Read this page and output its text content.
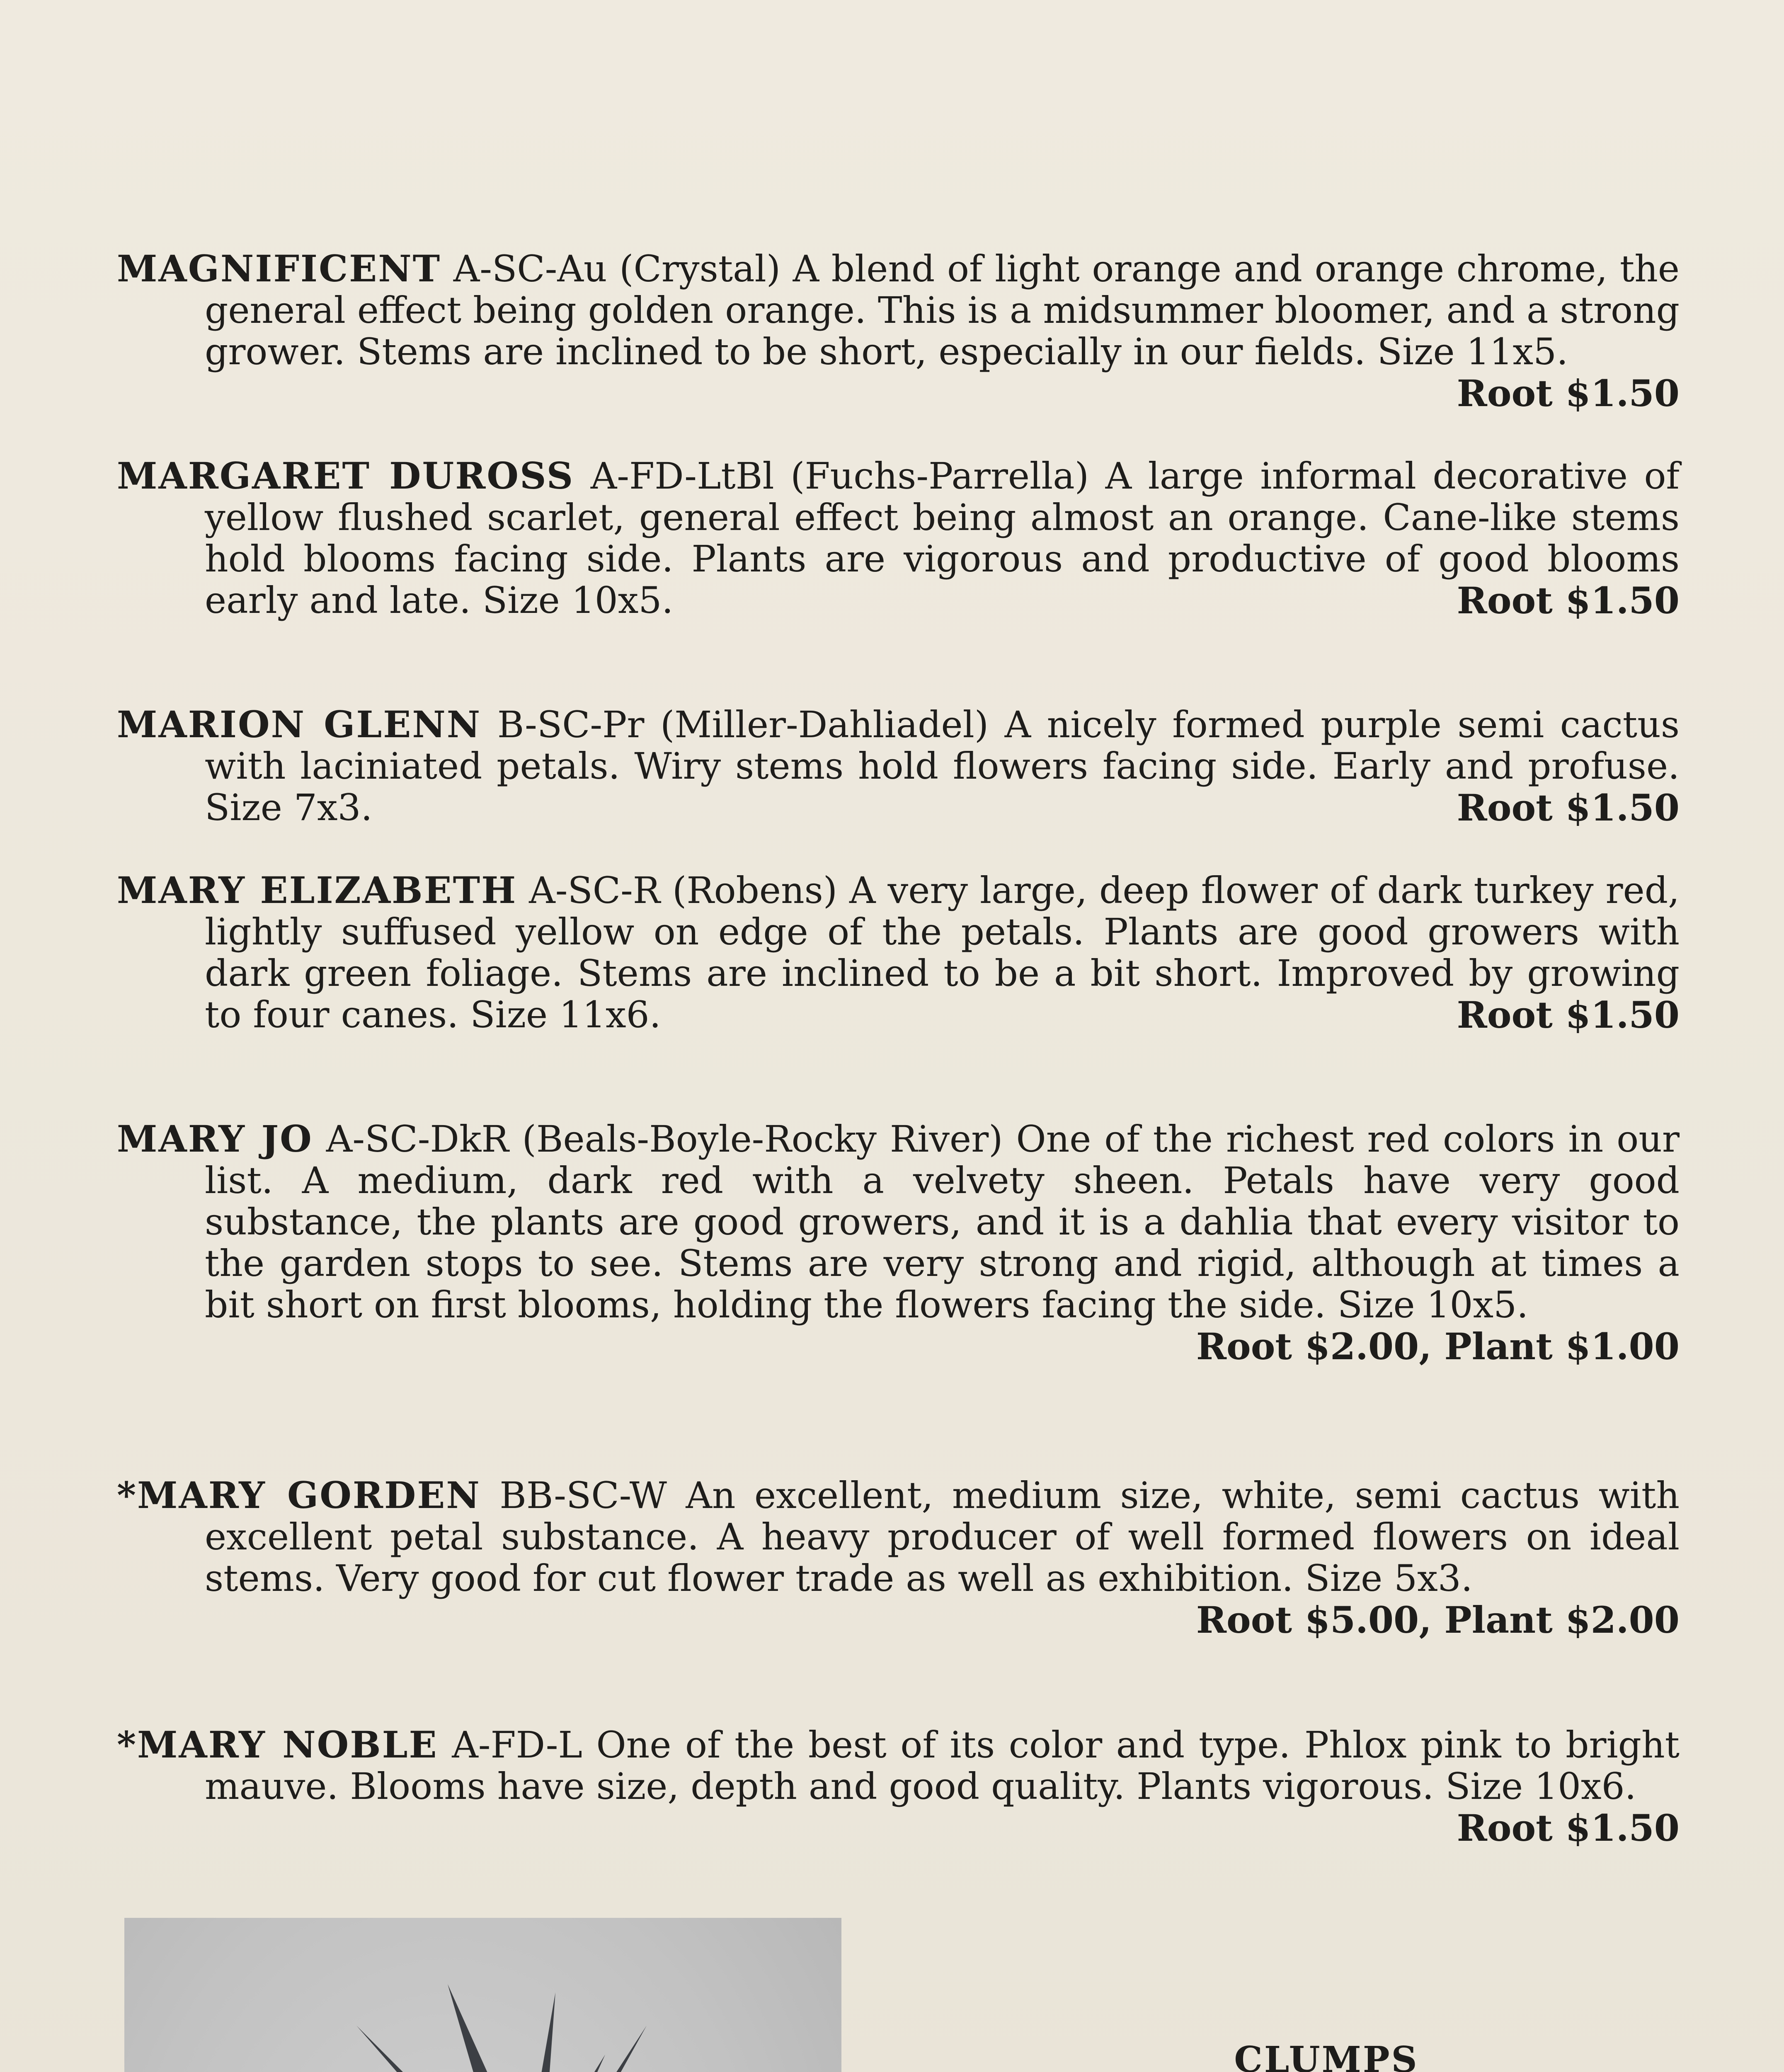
MAGNIFICENT A-SC-Au (Crystal) A blend of light orange and orange chrome, the general effect being golden orange. This is a midsummer bloomer, and a strong grower. Stems are inclined to be short, especially in our fields. Size 11x5.
Root $1.50
MARGARET DUROSS A-FD-LtBl (Fuchs-Parrella) A large informal decorative of yellow flushed scarlet, general effect being almost an orange. Cane-like stems hold blooms facing side. Plants are vigorous and productive of good blooms early and late. Size 10x5.	Root $1.50
MARION GLENN B-SC-Pr (Miller-Dahliadel) A nicely formed purple semi cactus with laciniated petals. Wiry stems hold flowers facing side. Early and profuse. Size 7x3.	Root $1.50
MARY ELIZABETH A-SC-R (Robens) A very large, deep flower of dark turkey red, lightly suffused yellow on edge of the petals. Plants are good growers with dark green foliage. Stems are inclined to be a bit short. Improved by growing to four canes. Size 11x6.	Root $1.50
MARY JO A-SC-DkR (Beals-Boyle-Rocky River) One of the richest red colors in our list. A medium, dark red with a velvety sheen. Petals have very good substance, the plants are good growers, and it is a dahlia that every visitor to the garden stops to see. Stems are very strong and rigid, although at times a bit short on first blooms, holding the flowers facing the side. Size 10x5.
Root $2.00, Plant $1.00
*MARY GORDEN BB-SC-W An excellent, medium size, white, semi cactus with excellent petal substance. A heavy producer of well formed flowers on ideal stems. Very good for cut flower trade as well as exhibition. Size 5x3.
Root $5.00, Plant $2.00
*MARY NOBLE A-FD-L One of the best of its color and type. Phlox pink to bright mauve. Blooms have size, depth and good quality. Plants vigorous. Size 10x6.
Root $1.50
CLUMPS
